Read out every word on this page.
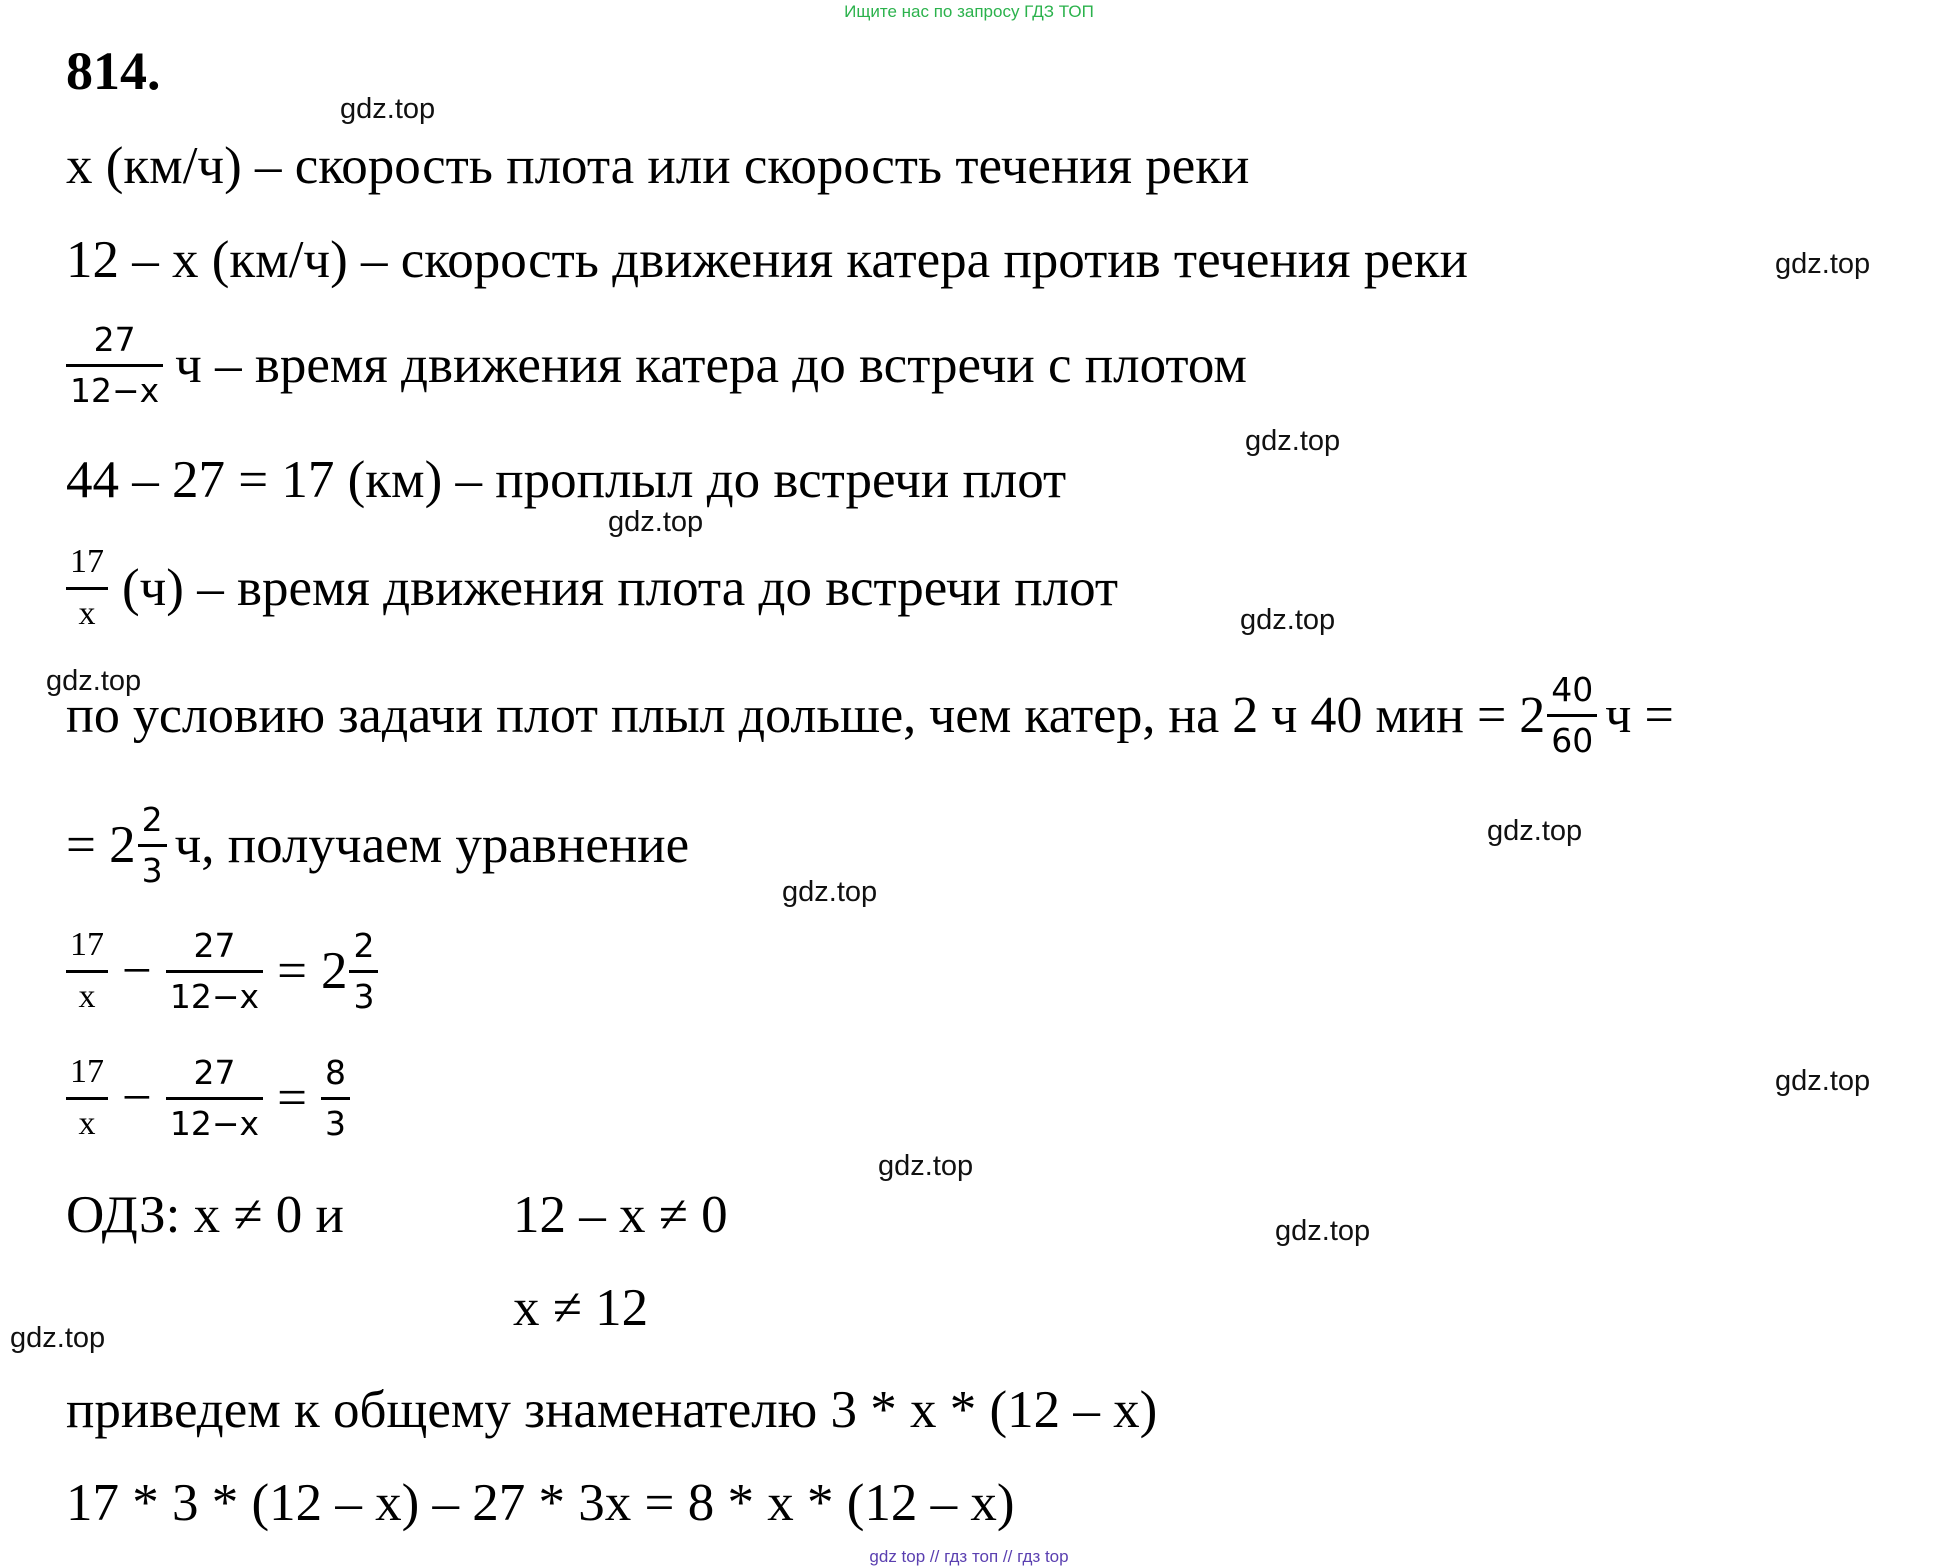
Ищите нас по запросу ГДЗ ТОП
814.
gdz.top
gdz.top
gdz.top
gdz.top
gdz.top
gdz.top
gdz.top
gdz.top
gdz.top
gdz.top
gdz.top
gdz.top
х (км/ч) – скорость плота или скорость течения реки
12 – х (км/ч) – скорость движения катера против течения реки
$\frac{27}{12-x}$ ч – время движения катера до встречи с плотом
44 – 27 = 17 (км) – проплыл до встречи плот
$\frac{17}{x} (ч)$ – время движения плота до встречи плот
по условию задачи плот плыл дольше, чем катер, на 2 ч 40 мин = $2 \frac{40}{60}$ ч =
= $2 \frac{2}{3} ч$, получаем уравнение
$\frac{17}{x} - \frac{27}{12-x} = 2 \frac{2}{3}$
$\frac{17}{x} - \frac{27}{12-x} = \frac{8}{3}$
ОДЗ: х ≠ 0 и	12 – х ≠ 0
х ≠ 12
приведем к общему знаменателю 3 * х * (12 – х)
17 * 3 * (12 – х) – 27 * 3х = 8 * х * (12 – х)
gdz top // гдз топ // гдз top
